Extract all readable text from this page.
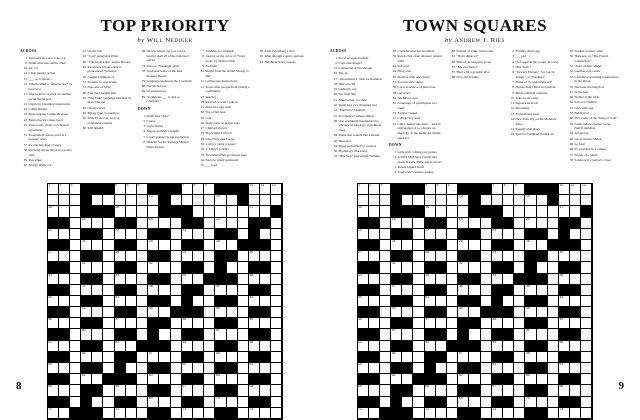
TOP PRIORITY
by Will Nediger
ACROSS
1 Journalist in a war zone, e.g.
6 Drink with free refills, often
10 AC cut
14 Clean energy option
15 ___, so to speak ...
16 Villain called a "figurine dog" by Lodovico
17 Way to leave or dock on another social media post
21 Organ for breathing underwater
22 Coffin holders
23 Photographer Cartier-Bresson
24 Band director's knee bend
25 Person who clicks on a license agreement
31 Tournament whose prize is a breeder, often
37 It's one less than a bogey
38 Showing appreciation at a poetry slam
39 Test stake
40 Energy drink, e.g.
41 On the ball
42 "Lost" antagonist Ellen
48 "The Great Lake" author Brodey
49 Racehorse whose name is pronounced "jurisless"
50 Caught a glimpse of
51 Promise to stop acting
55 Opposite of SSW
60 Fast food seagull flier
61 "Star Trek" language invented by Marc Okrand
62 Overly catare
63 Binary type of question
65 With 65-Across, way of organizing errands
68 Still unpaid.
69 Device whose top row can be used to spell all of the italicized entries
74 Tattoos: 'Nostalgia' artist
78 Supposed home of the lake monster Bessie
79 Language spoken in the Lowlands
80 Not 58-Across
84 Of preferences
85 "Commons ___ to met so common!"
DOWN
1 Sniffs like "Aha"
2 Grieve
3 Light-haired
4 Empty stomach's benefit
5 Cook's partner in rap production
6 Hideout for the Teenage Mutant Ninja Turtles
7 Tandems for example
8 Journal on the cover of "Stagr Leap" by Sharon Olds
9 Pacifistic
10 Single from the album "Ready to Die"
11 Giving step instructions
12 Stops other people from joining a community
13 Teacher
18 Reacted to with a gallon
19 Insurance egg cells
20 Not at full beat
25 Late
26 Body parts on prayer rugs
27 Climbed aboard
28 Playwright Clifford
29 Like Frigg and Freyja
30 Cost for axing a vessel
32 V-I Day's conflict
33 Thornfield Hall governess Jane
34 Narrow, sandy peninsula
35 ___ feed
36 Saint Petersburg's river
43 West through a spurt, perhaps
44 Handheld Sony console
1	2	3	4	5	6	7	8	9	10 11 12
13	14
15	16	17
18	19	20
21	22	23
24	25	26
27	28	29	30
31	32
33	34	35	36
37	38	39
40	41	42
43	44	45
46	47	48	49
50	51
52	53	54	55
56	57	58
59	60	61
62	63	64
65	66	67	68
69	70
71	72	73	74
8
TOWN SQUARES
by Andrew J. Ries
ACROSS
1 Set of accepted beliefs
6 Corporate image?
12 Compound at Woodstock
16 Slip up
17 "Ghostbusters" director Reitman
18 Hair on a lid
19 Glitterati, say
20 Far from thin
21 Blue bucket, for short
22 Metal part of a chopping tool
23 "Euphoria" Channel
25 Providence College athlete
28 One seemingly manipulated to advance an ideology, in political slang
29 Name that sounds like a month
40 Muscular
34 Smog performed by carolers
36 Mythology characters
37 "Bus Stop" playwright William
38 Consideration for an athlete
39 Resido that often intersect streets: Abbr.
44 See a bet
44 Fling onto
45 Flexible with one's body
51 Tacosin state: Abbr.
56 Color evocative of pine trees
58 Get down
64 Gardener's tool
65 Groupings of participants in a study
72 Fatigue caused
73 College boy-toed
74 Child raising aphorism ... and an explanation of to advance an ideology, in the theme the theme squares?
DOWN
1 Girls with coming-out parties
2 A 2022 MIT report found this snack brand's "How and fraction"
3 Tennis legend Steffi
4 Food critic's texture quality
80 Feature of some classrooms
81 "Don't think so!"
82 Title of an outgoing group
83 "My goodness!"
87 Heel with a grassful dive
88 Live and breathe
2 Fertility clinic egg
3 ___ pad
4 No longer in the cooler, in a way
5 Hits "hello"
6 "Ocean's Eleven," "Le Cercle Rouge," or "Sneakers"
7 Either of "Corkscrewbered"
8 Hit the didn't field, in baseball
9 Much-admired celebrity
10 Take an off-ramp
11 Depressant stock
12 Informally
13 Professional areas
14 New York city on the Mohawk River
15 System with pings
24 Spot for breakfast in the U.K.
29 Student worker, often
30 Harkness, in "The French Connection"
31 "Tour on Me" singer
32 German roof center
33 Clothing-preventing construction in the throat
35 Decrease the length of
41 In the past
46 Stabler at the table
50 Sofa not cushion
55 Gray with age
57 Belch rival
60 First name of the "King of Soul"
62 Letter before Quebec in the NATO alphabet
63 All-bed up
66 Oscar winner Malek
68 So long
69 It's plodded by a camper
71 Starter of a plight
78 Solution in a janitor's closet
1	2	3	4	5	6	7	8	9	10 11 12
13	14
15	16	17
18	19	20
21	22	23
24	25	26
27	28	29	30
31	32
33	34	35	36
37	38	39
40	41	42
43	44	45
46	47	48	49
50	51
52	53	54	55
56	57	58
59	60	61
62	63	64
65	66	67	68
69	70
71	72	73	74
9
